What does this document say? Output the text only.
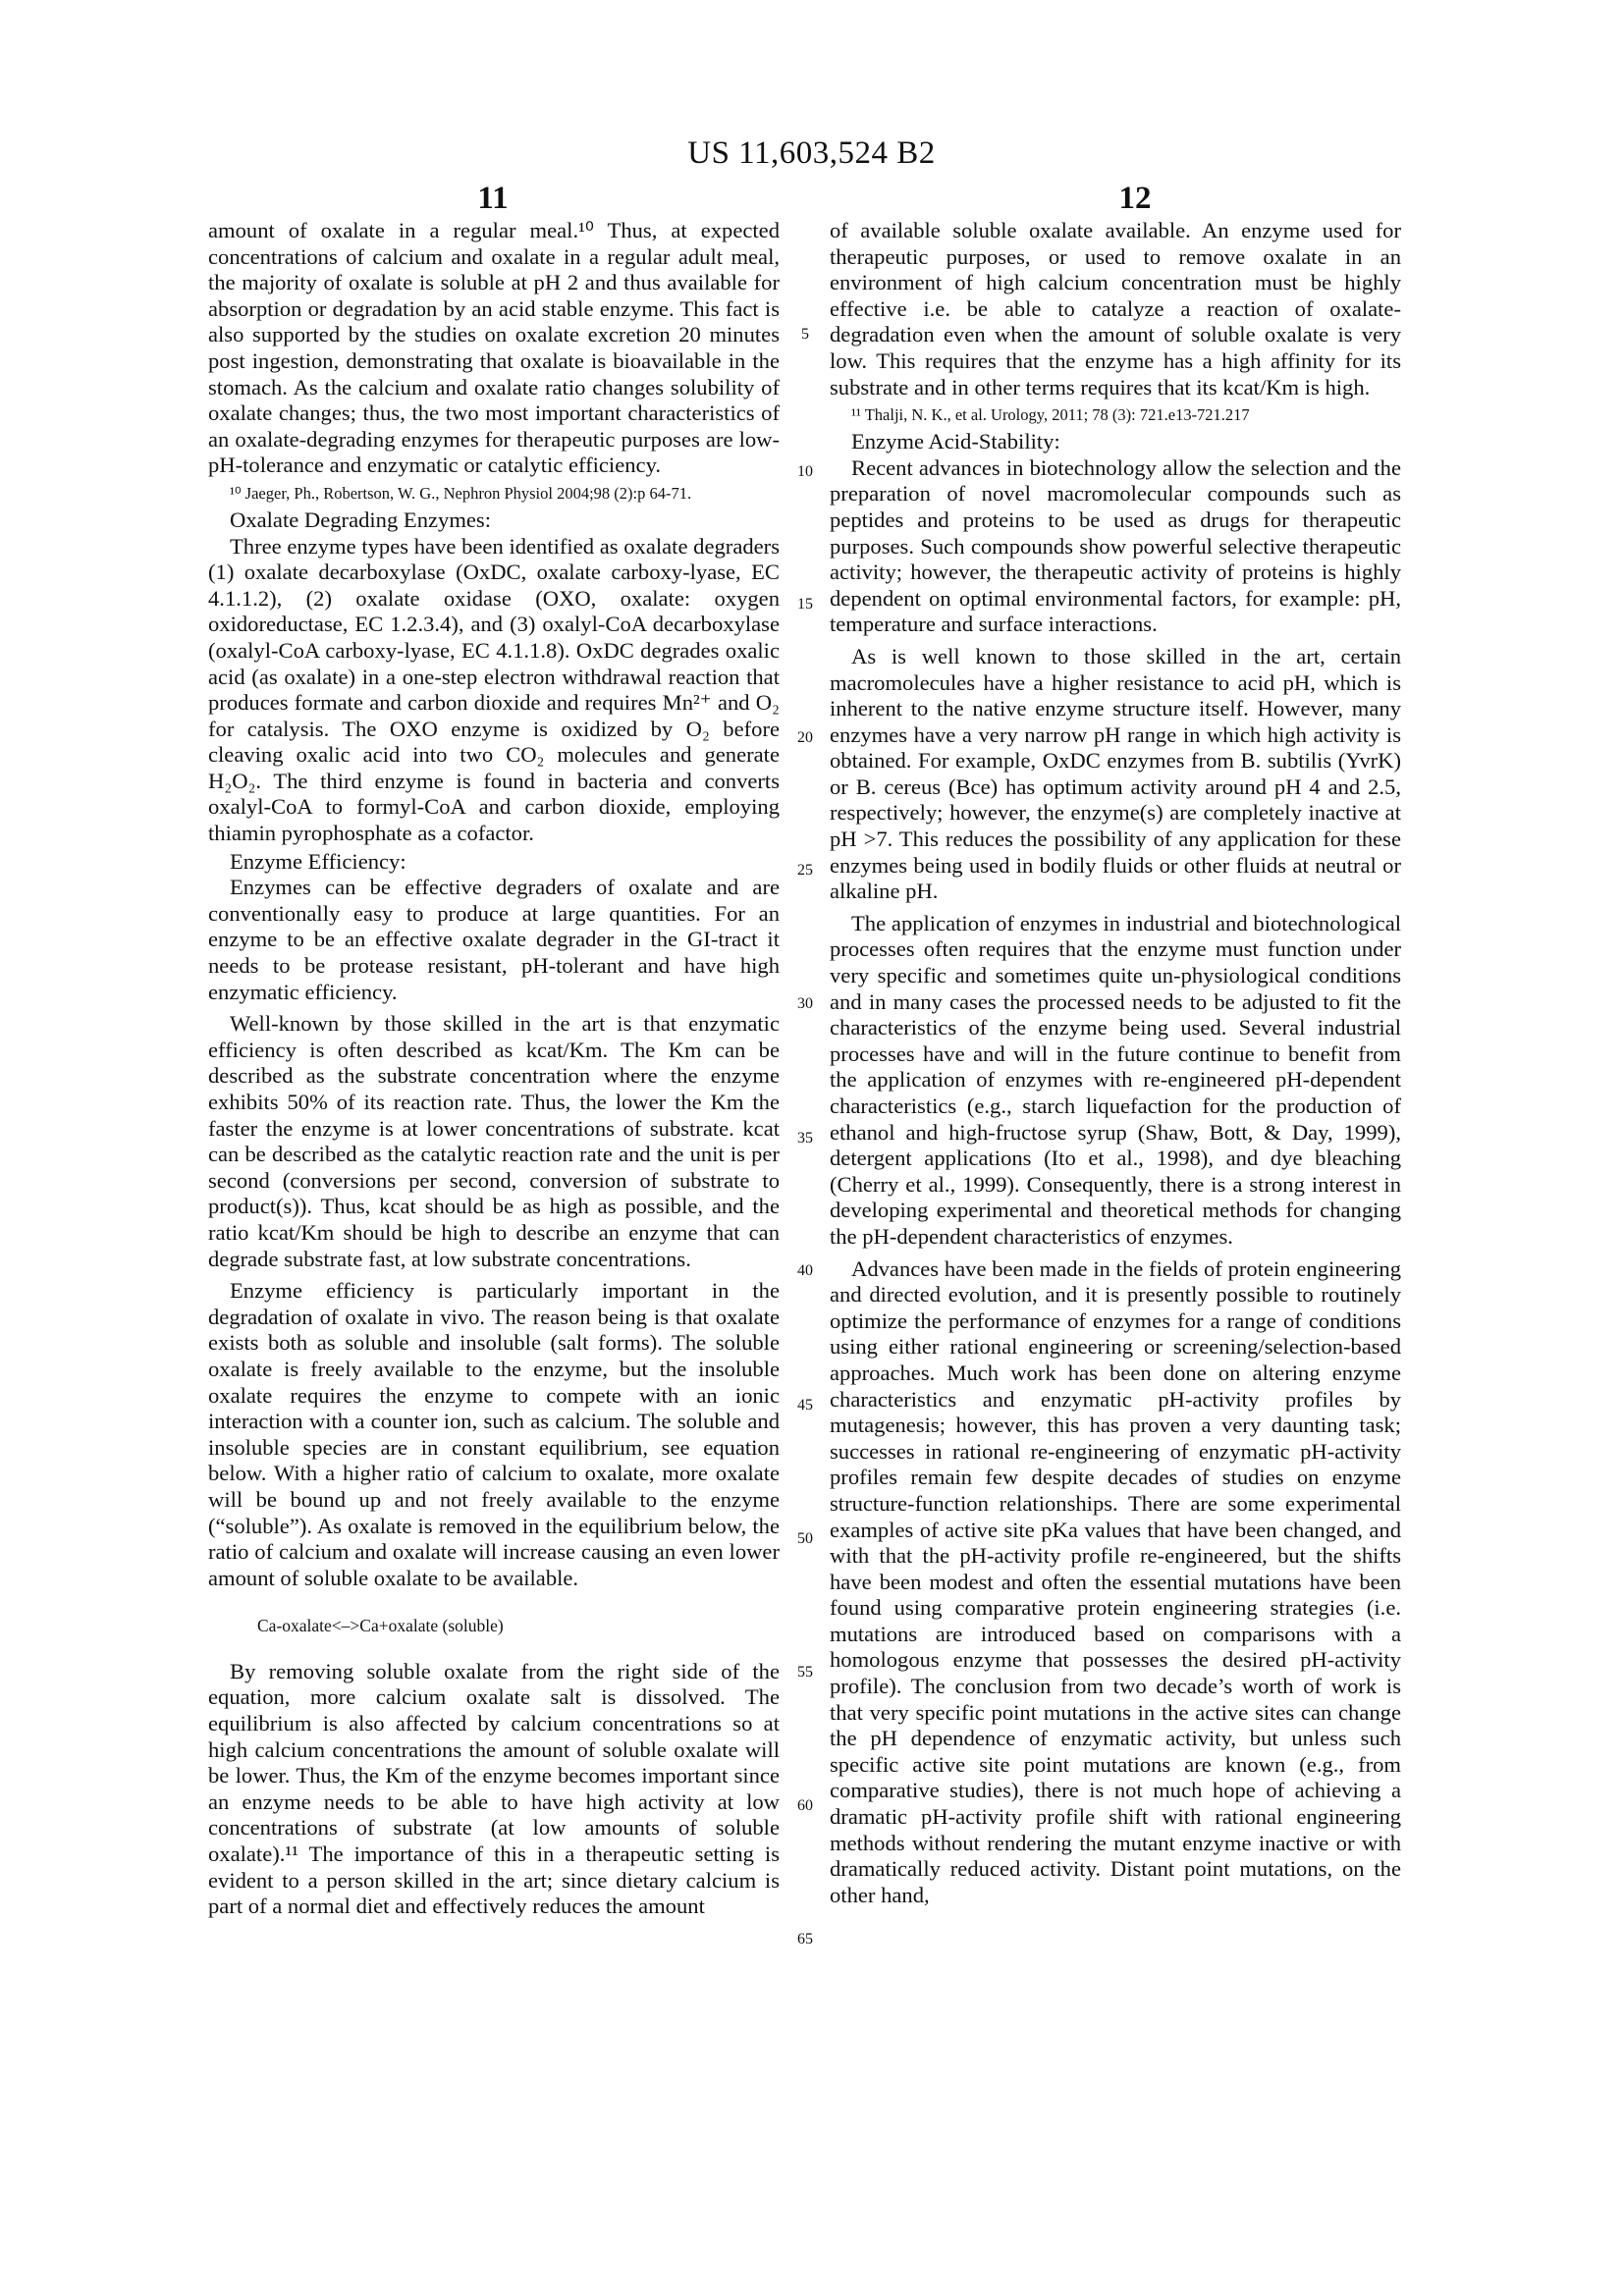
US 11,603,524 B2
11	12

amount of oxalate in a regular meal.¹⁰ Thus, at expected concentrations of calcium and oxalate in a regular adult meal, the majority of oxalate is soluble at pH 2 and thus available for absorption or degradation by an acid stable enzyme. This fact is also supported by the studies on oxalate excretion 20 minutes post ingestion, demonstrating that oxalate is bioavailable in the stomach. As the calcium and oxalate ratio changes solubility of oxalate changes; thus, the two most important characteristics of an oxalate-degrading enzymes for therapeutic purposes are low-pH-tolerance and enzymatic or catalytic efficiency.

¹⁰ Jaeger, Ph., Robertson, W. G., Nephron Physiol 2004;98 (2):p 64-71.

Oxalate Degrading Enzymes:

Three enzyme types have been identified as oxalate degraders (1) oxalate decarboxylase (OxDC, oxalate carboxy-lyase, EC 4.1.1.2), (2) oxalate oxidase (OXO, oxalate: oxygen oxidoreductase, EC 1.2.3.4), and (3) oxalyl-CoA decarboxylase (oxalyl-CoA carboxy-lyase, EC 4.1.1.8). OxDC degrades oxalic acid (as oxalate) in a one-step electron withdrawal reaction that produces formate and carbon dioxide and requires Mn²⁺ and O₂ for catalysis. The OXO enzyme is oxidized by O₂ before cleaving oxalic acid into two CO₂ molecules and generate H₂O₂. The third enzyme is found in bacteria and converts oxalyl-CoA to formyl-CoA and carbon dioxide, employing thiamin pyrophosphate as a cofactor.

Enzyme Efficiency:

Enzymes can be effective degraders of oxalate and are conventionally easy to produce at large quantities. For an enzyme to be an effective oxalate degrader in the GI-tract it needs to be protease resistant, pH-tolerant and have high enzymatic efficiency.

Well-known by those skilled in the art is that enzymatic efficiency is often described as kcat/Km. The Km can be described as the substrate concentration where the enzyme exhibits 50% of its reaction rate. Thus, the lower the Km the faster the enzyme is at lower concentrations of substrate. kcat can be described as the catalytic reaction rate and the unit is per second (conversions per second, conversion of substrate to product(s)). Thus, kcat should be as high as possible, and the ratio kcat/Km should be high to describe an enzyme that can degrade substrate fast, at low substrate concentrations.

Enzyme efficiency is particularly important in the degradation of oxalate in vivo. The reason being is that oxalate exists both as soluble and insoluble (salt forms). The soluble oxalate is freely available to the enzyme, but the insoluble oxalate requires the enzyme to compete with an ionic interaction with a counter ion, such as calcium. The soluble and insoluble species are in constant equilibrium, see equation below. With a higher ratio of calcium to oxalate, more oxalate will be bound up and not freely available to the enzyme (“soluble”). As oxalate is removed in the equilibrium below, the ratio of calcium and oxalate will increase causing an even lower amount of soluble oxalate to be available.

Ca-oxalate<–>Ca+oxalate (soluble)

By removing soluble oxalate from the right side of the equation, more calcium oxalate salt is dissolved. The equilibrium is also affected by calcium concentrations so at high calcium concentrations the amount of soluble oxalate will be lower. Thus, the Km of the enzyme becomes important since an enzyme needs to be able to have high activity at low concentrations of substrate (at low amounts of soluble oxalate).¹¹ The importance of this in a therapeutic setting is evident to a person skilled in the art; since dietary calcium is part of a normal diet and effectively reduces the amount

of available soluble oxalate available. An enzyme used for therapeutic purposes, or used to remove oxalate in an environment of high calcium concentration must be highly effective i.e. be able to catalyze a reaction of oxalate-degradation even when the amount of soluble oxalate is very low. This requires that the enzyme has a high affinity for its substrate and in other terms requires that its kcat/Km is high.

¹¹ Thalji, N. K., et al. Urology, 2011; 78 (3): 721.e13-721.217

Enzyme Acid-Stability:

Recent advances in biotechnology allow the selection and the preparation of novel macromolecular compounds such as peptides and proteins to be used as drugs for therapeutic purposes. Such compounds show powerful selective therapeutic activity; however, the therapeutic activity of proteins is highly dependent on optimal environmental factors, for example: pH, temperature and surface interactions.

As is well known to those skilled in the art, certain macromolecules have a higher resistance to acid pH, which is inherent to the native enzyme structure itself. However, many enzymes have a very narrow pH range in which high activity is obtained. For example, OxDC enzymes from B. subtilis (YvrK) or B. cereus (Bce) has optimum activity around pH 4 and 2.5, respectively; however, the enzyme(s) are completely inactive at pH >7. This reduces the possibility of any application for these enzymes being used in bodily fluids or other fluids at neutral or alkaline pH.

The application of enzymes in industrial and biotechnological processes often requires that the enzyme must function under very specific and sometimes quite un-physiological conditions and in many cases the processed needs to be adjusted to fit the characteristics of the enzyme being used. Several industrial processes have and will in the future continue to benefit from the application of enzymes with re-engineered pH-dependent characteristics (e.g., starch liquefaction for the production of ethanol and high-fructose syrup (Shaw, Bott, & Day, 1999), detergent applications (Ito et al., 1998), and dye bleaching (Cherry et al., 1999). Consequently, there is a strong interest in developing experimental and theoretical methods for changing the pH-dependent characteristics of enzymes.

Advances have been made in the fields of protein engineering and directed evolution, and it is presently possible to routinely optimize the performance of enzymes for a range of conditions using either rational engineering or screening/selection-based approaches. Much work has been done on altering enzyme characteristics and enzymatic pH-activity profiles by mutagenesis; however, this has proven a very daunting task; successes in rational re-engineering of enzymatic pH-activity profiles remain few despite decades of studies on enzyme structure-function relationships. There are some experimental examples of active site pKa values that have been changed, and with that the pH-activity profile re-engineered, but the shifts have been modest and often the essential mutations have been found using comparative protein engineering strategies (i.e. mutations are introduced based on comparisons with a homologous enzyme that possesses the desired pH-activity profile). The conclusion from two decade’s worth of work is that very specific point mutations in the active sites can change the pH dependence of enzymatic activity, but unless such specific active site point mutations are known (e.g., from comparative studies), there is not much hope of achieving a dramatic pH-activity profile shift with rational engineering methods without rendering the mutant enzyme inactive or with dramatically reduced activity. Distant point mutations, on the other hand,

5
10
15
20
25
30
35
40
45
50
55
60
65
